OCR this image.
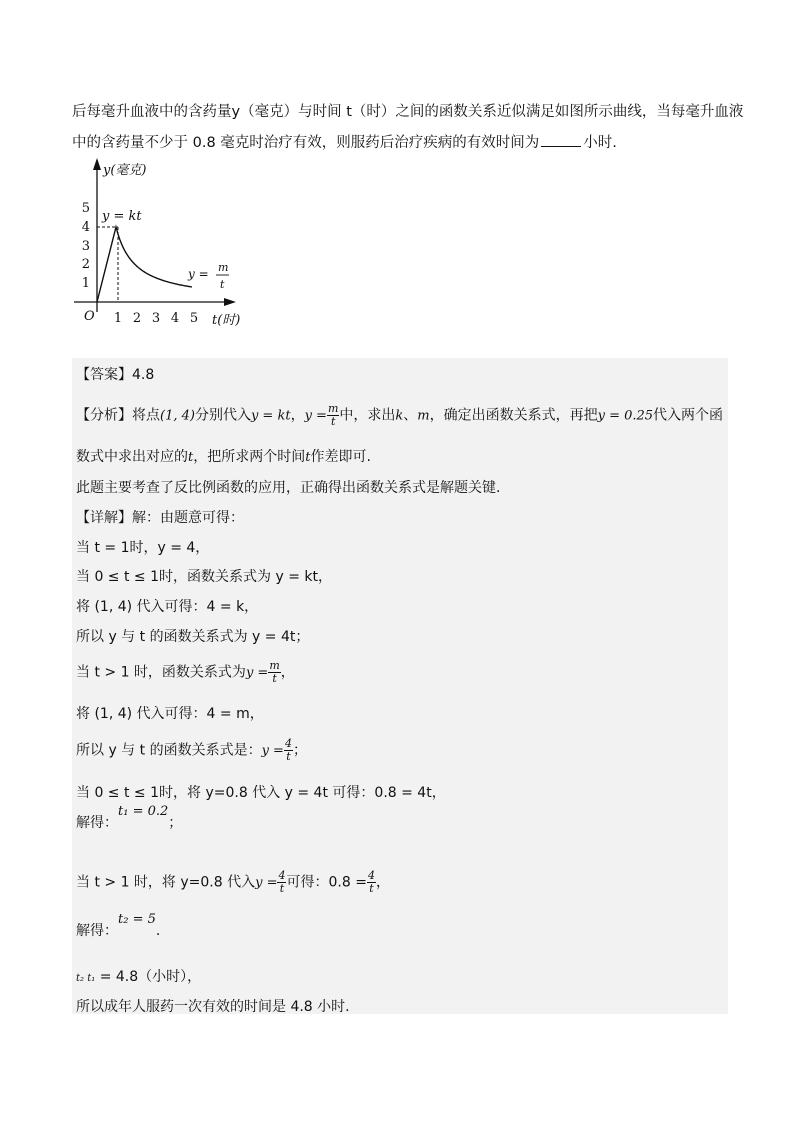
后每毫升血液中的含药量y（毫克）与时间 t（时）之间的函数关系近似满足如图所示曲线，当每毫升血液
中的含药量不少于 0.8 毫克时治疗有效，则服药后治疗疾病的有效时间为	小时.
1
2
3
4
5
1 2 3 4 5
O
y(毫克)
t(时)
y = kt
y = m
t
【答案】4.8
【分析】将点(1, 4)分别代入y = kt，$y = \frac{m}{t}$ 中，求出k、m，确定出函数关系式，再把y = 0.25代入两个函
数式中求出对应的t，把所求两个时间t作差即可.
此题主要考查了反比例函数的应用，正确得出函数关系式是解题关键.
【详解】解：由题意可得：
当 t = 1时，y = 4，
当 0 ≤ t ≤ 1时，函数关系式为 y = kt，
将 (1, 4) 代入可得：4 = k，
所以 y 与 t 的函数关系式为 y = 4t；
当 t > 1 时，函数关系式为$y = \frac{m}{t}$ ，
将 (1, 4) 代入可得：4 = m，
所以 y 与 t 的函数关系式是：$y = \frac{4}{t}$ ；
当 0 ≤ t ≤ 1时，将 y=0.8 代入 y = 4t 可得：0.8 = 4t，
解得：t₁ = 0.2；
当 t > 1 时，将 y=0.8 代入$y = \frac{4}{t}$ 可得：$0.8 = \frac{4}{t}$ ，
解得：t₂ = 5.
t₂ t₁ = 4.8（小时），
所以成年人服药一次有效的时间是 4.8 小时.
